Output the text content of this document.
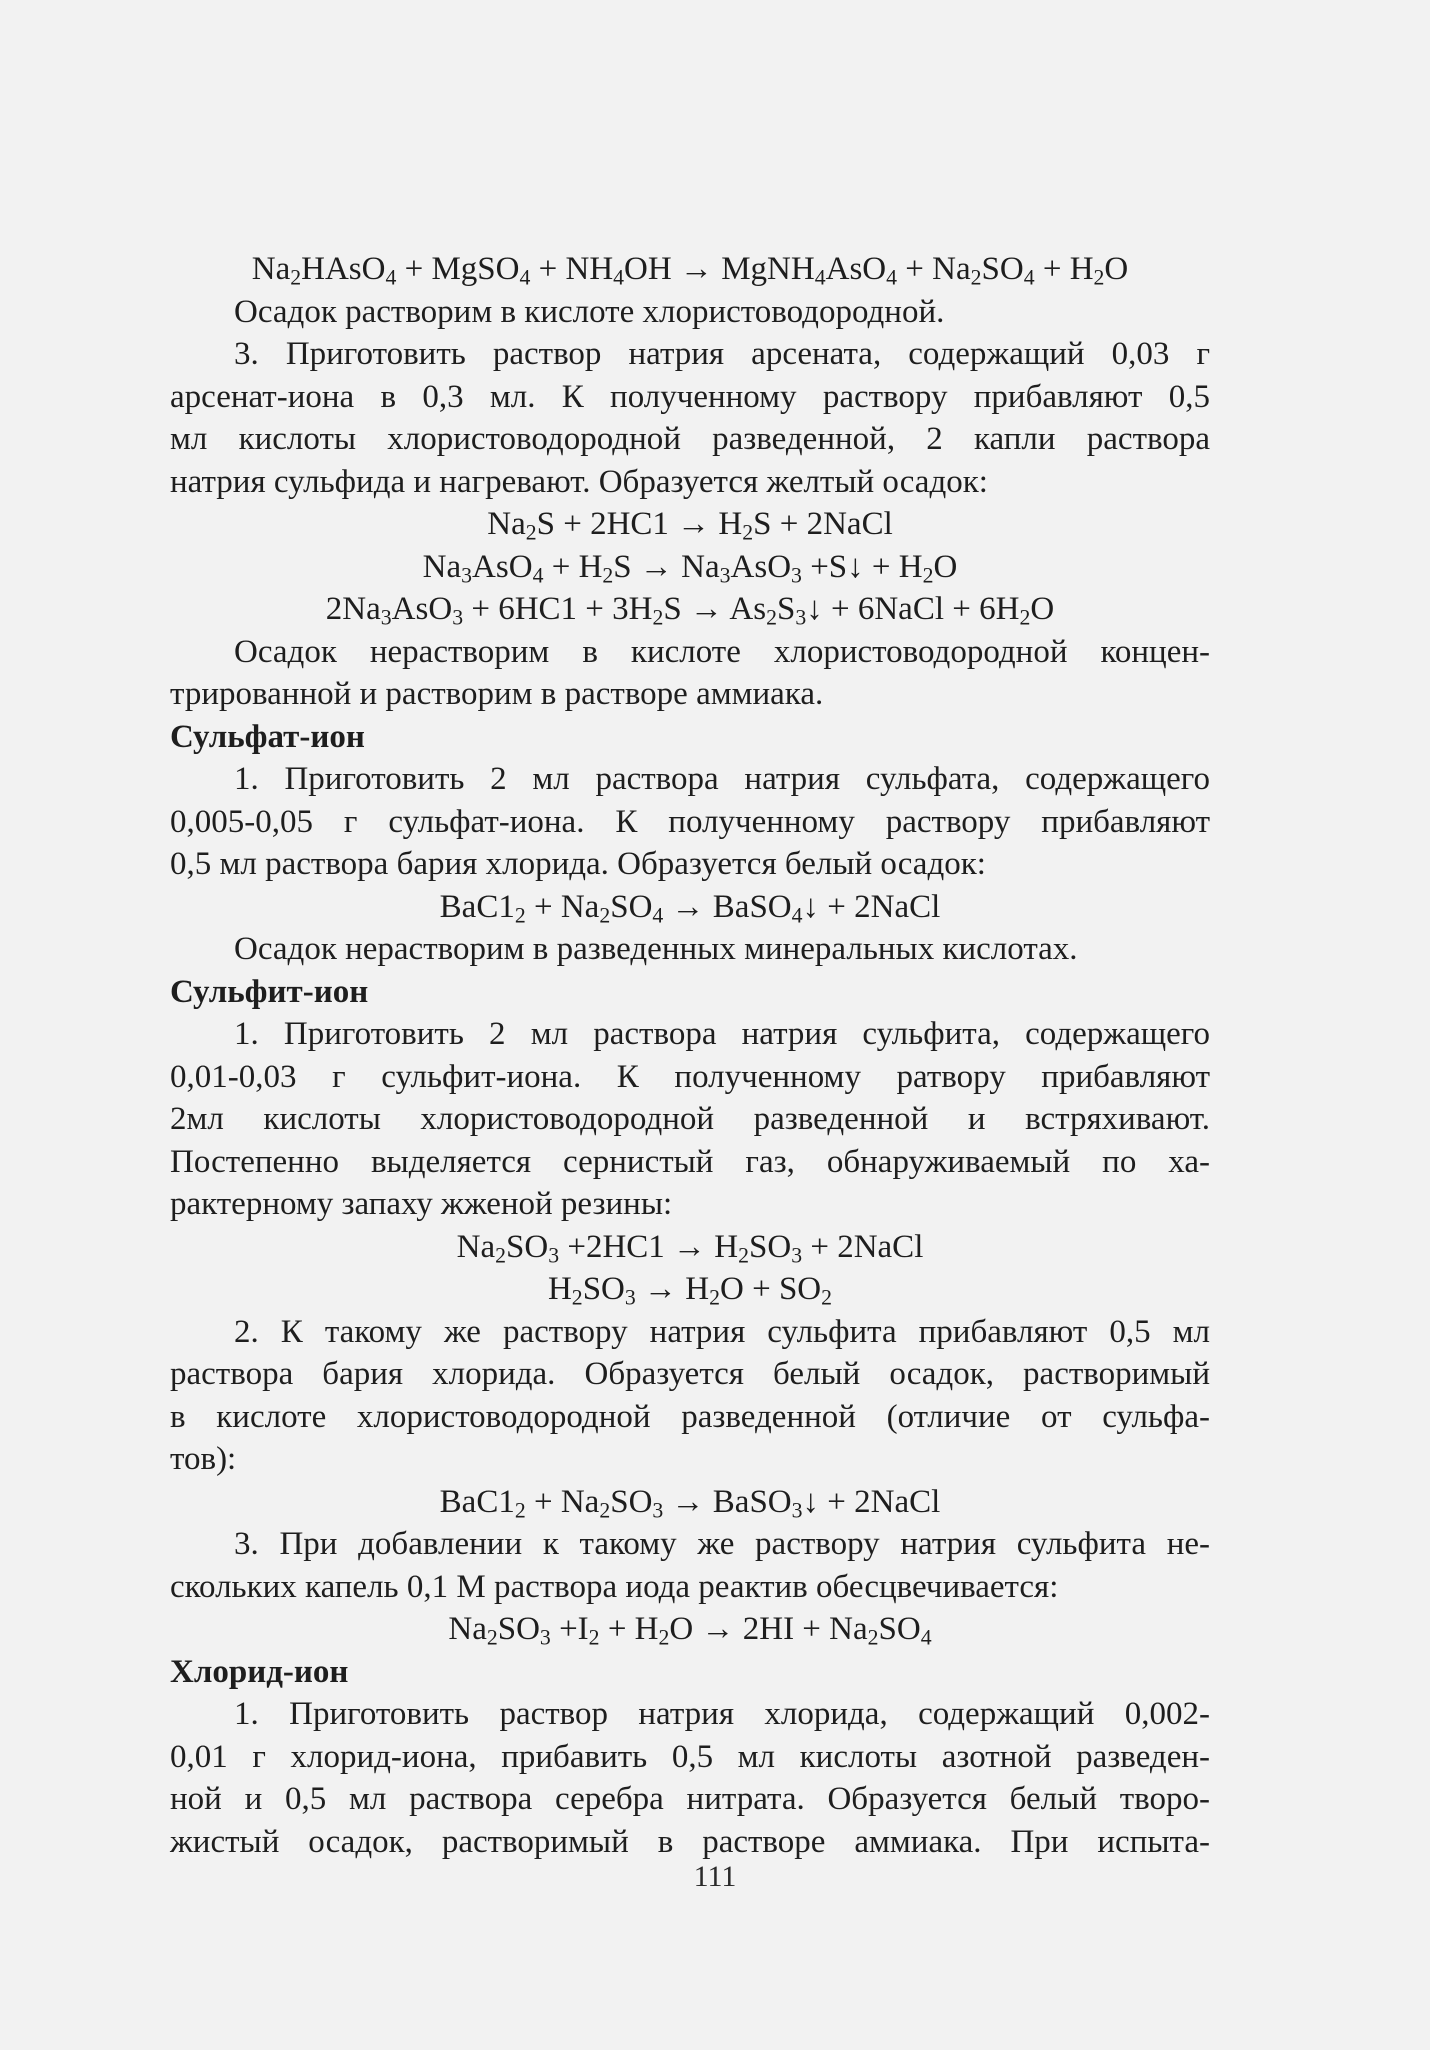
$Na_2HAsO_4$ + MgSO$_4$ + $NH_4OH$ → MgNH$_4$AsO$_4$ + $Na_2SO_4 + H_2O$
Осадок растворим в кислоте хлористоводородной.
3. Приготовить раствор натрия арсената, содержащий 0,03 г
арсенат-иона в 0,3 мл. К полученному раствору прибавляют 0,5
мл кислоты хлористоводородной разведенной, 2 капли раствора
натрия сульфида и нагревают. Образуется желтый осадок:
$Na_2S + 2HC1 \to H_2S$ + 2NaCl
$Na_3AsO_4 + H_2S \to Na_3AsO_3$ +S↓ + $H_2O$
$2Na_3AsO_3 + 6HC1 + 3H_2S$ → $As_2S_3↓$ + 6NaCl + $6H_2O$
Осадок нерастворим в кислоте хлористоводородной концен-
трированной и растворим в растворе аммиака.
Сульфат-ион
1. Приготовить 2 мл раствора натрия сульфата, содержащего
0,005-0,05 г сульфат-иона. К полученному раствору прибавляют
0,5 мл раствора бария хлорида. Образуется белый осадок:
$BaC1_2 + Na_2SO_4$ → BaSO$_4$↓ + 2NaCl
Осадок нерастворим в разведенных минеральных кислотах.
Сульфит-ион
1. Приготовить 2 мл раствора натрия сульфита, содержащего
0,01-0,03 г сульфит-иона. К полученному ратвору прибавляют
2мл кислоты хлористоводородной разведенной и встряхивают.
Постепенно выделяется сернистый газ, обнаруживаемый по ха-
рактерному запаху жженой резины:
$Na_2SO_3 +2HC1 \to H_2SO_3$ + 2NaCl
$H_2SO_3 \to H_2O + SO_2$
2. К такому же раствору натрия сульфита прибавляют 0,5 мл
раствора бария хлорида. Образуется белый осадок, растворимый
в кислоте хлористоводородной разведенной (отличие от сульфа-
тов):
$BaC1_2 + Na_2SO_3$ → BaSO$_3$↓ + 2NaCl
3. При добавлении к такому же раствору натрия сульфита не-
скольких капель 0,1 М раствора иода реактив обесцвечивается:
$Na_2SO_3 +I_2 + H_2O \to 2HI + Na_2SO_4$
Хлорид-ион
1. Приготовить раствор натрия хлорида, содержащий 0,002-
0,01 г хлорид-иона, прибавить 0,5 мл кислоты азотной разведен-
ной и 0,5 мл раствора серебра нитрата. Образуется белый творо-
жистый осадок, растворимый в растворе аммиака. При испыта-
111
